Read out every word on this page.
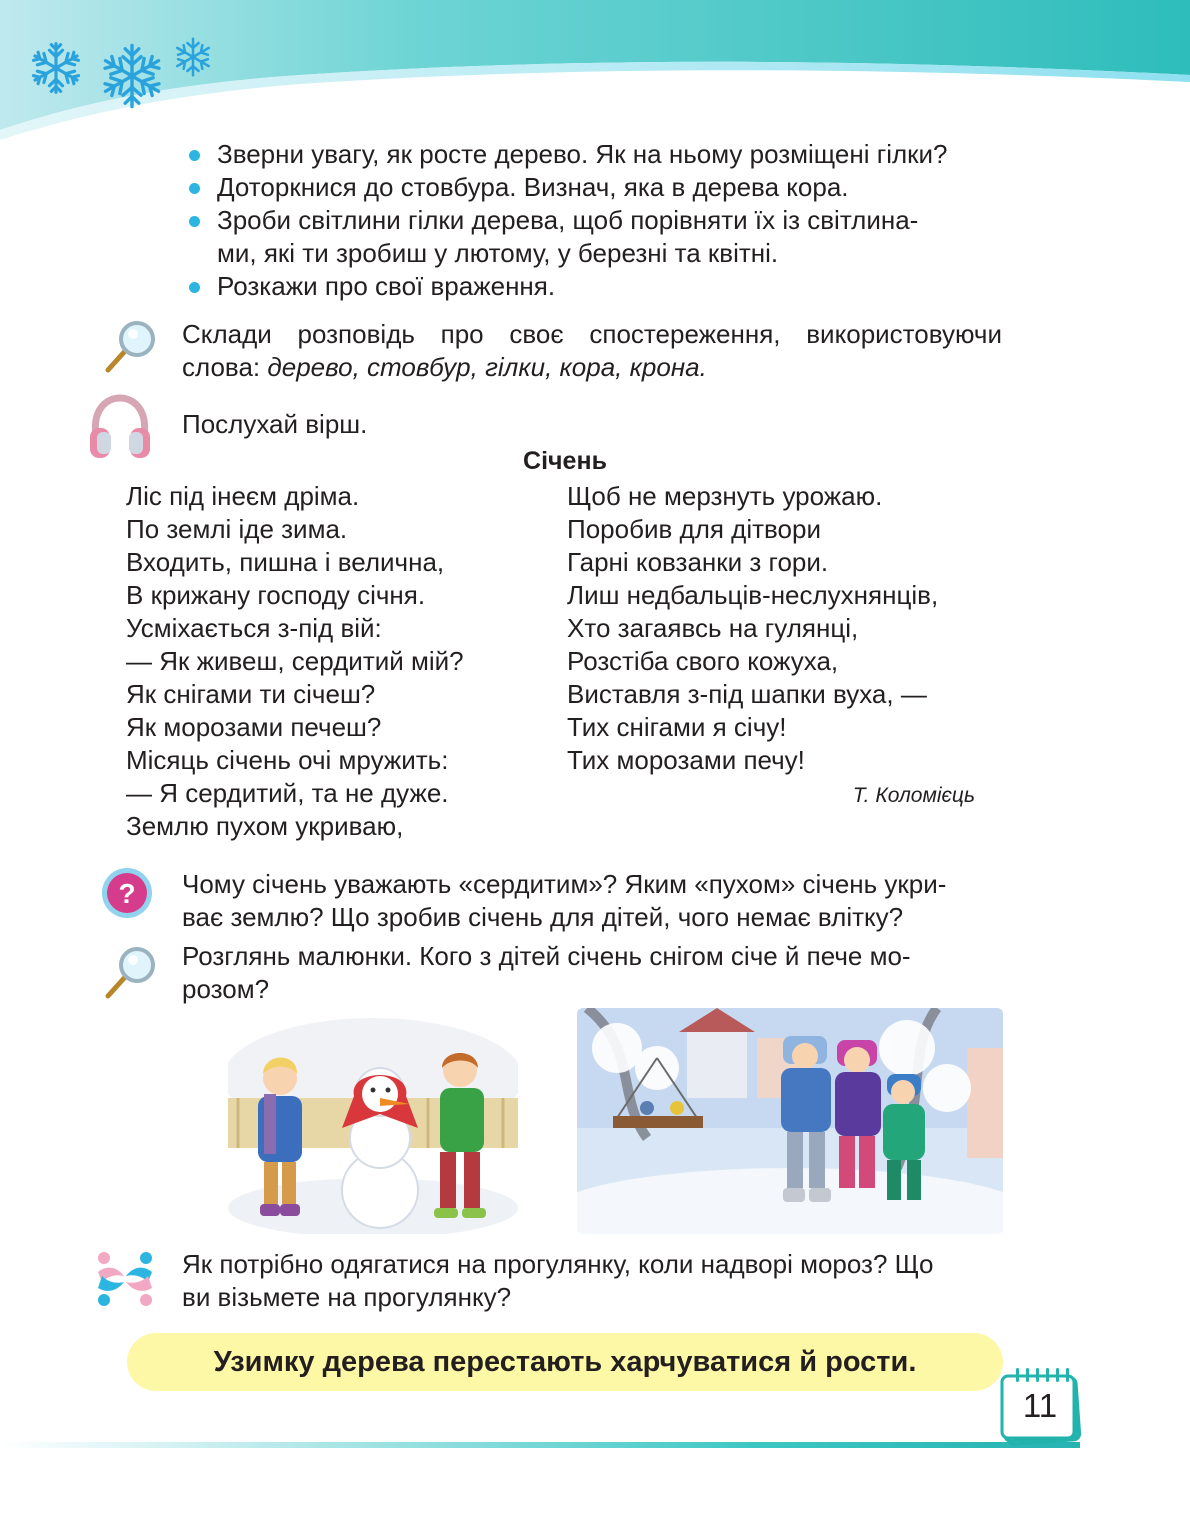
Зверни увагу, як росте дерево. Як на ньому розміщені гілки?
Доторкнися до стовбура. Визнач, яка в дерева кора.
Зроби світлини гілки дерева, щоб порівняти їх із світлина-
ми, які ти зробиш у лютому, у березні та квітні.
Розкажи про свої враження.
Склади розповідь про своє спостереження, використовуючи
слова: дерево, стовбур, гілки, кора, крона.
Послухай вірш.
Січень
Ліс під інеєм дріма.
По землі іде зима.
Входить, пишна і велична,
В крижану господу січня.
Усміхається з-під вій:
— Як живеш, сердитий мій?
Як снігами ти січеш?
Як морозами печеш?
Місяць січень очі мружить:
— Я сердитий, та не дуже.
Землю пухом укриваю,
Щоб не мерзнуть урожаю.
Поробив для дітвори
Гарні ковзанки з гори.
Лиш недбальців-неслухнянців,
Хто загаявсь на гулянці,
Розстіба свого кожуха,
Виставля з-під шапки вуха, —
Тих снігами я січу!
Тих морозами печу!
Т. Коломієць
? Чому січень уважають «сердитим»? Яким «пухом» січень укри-
ває землю? Що зробив січень для дітей, чого немає влітку?
Розглянь малюнки. Кого з дітей січень снігом січе й пече мо-
розом?
Як потрібно одягатися на прогулянку, коли надворі мороз? Що
ви візьмете на прогулянку?
Узимку дерева перестають харчуватися й рости.
11
